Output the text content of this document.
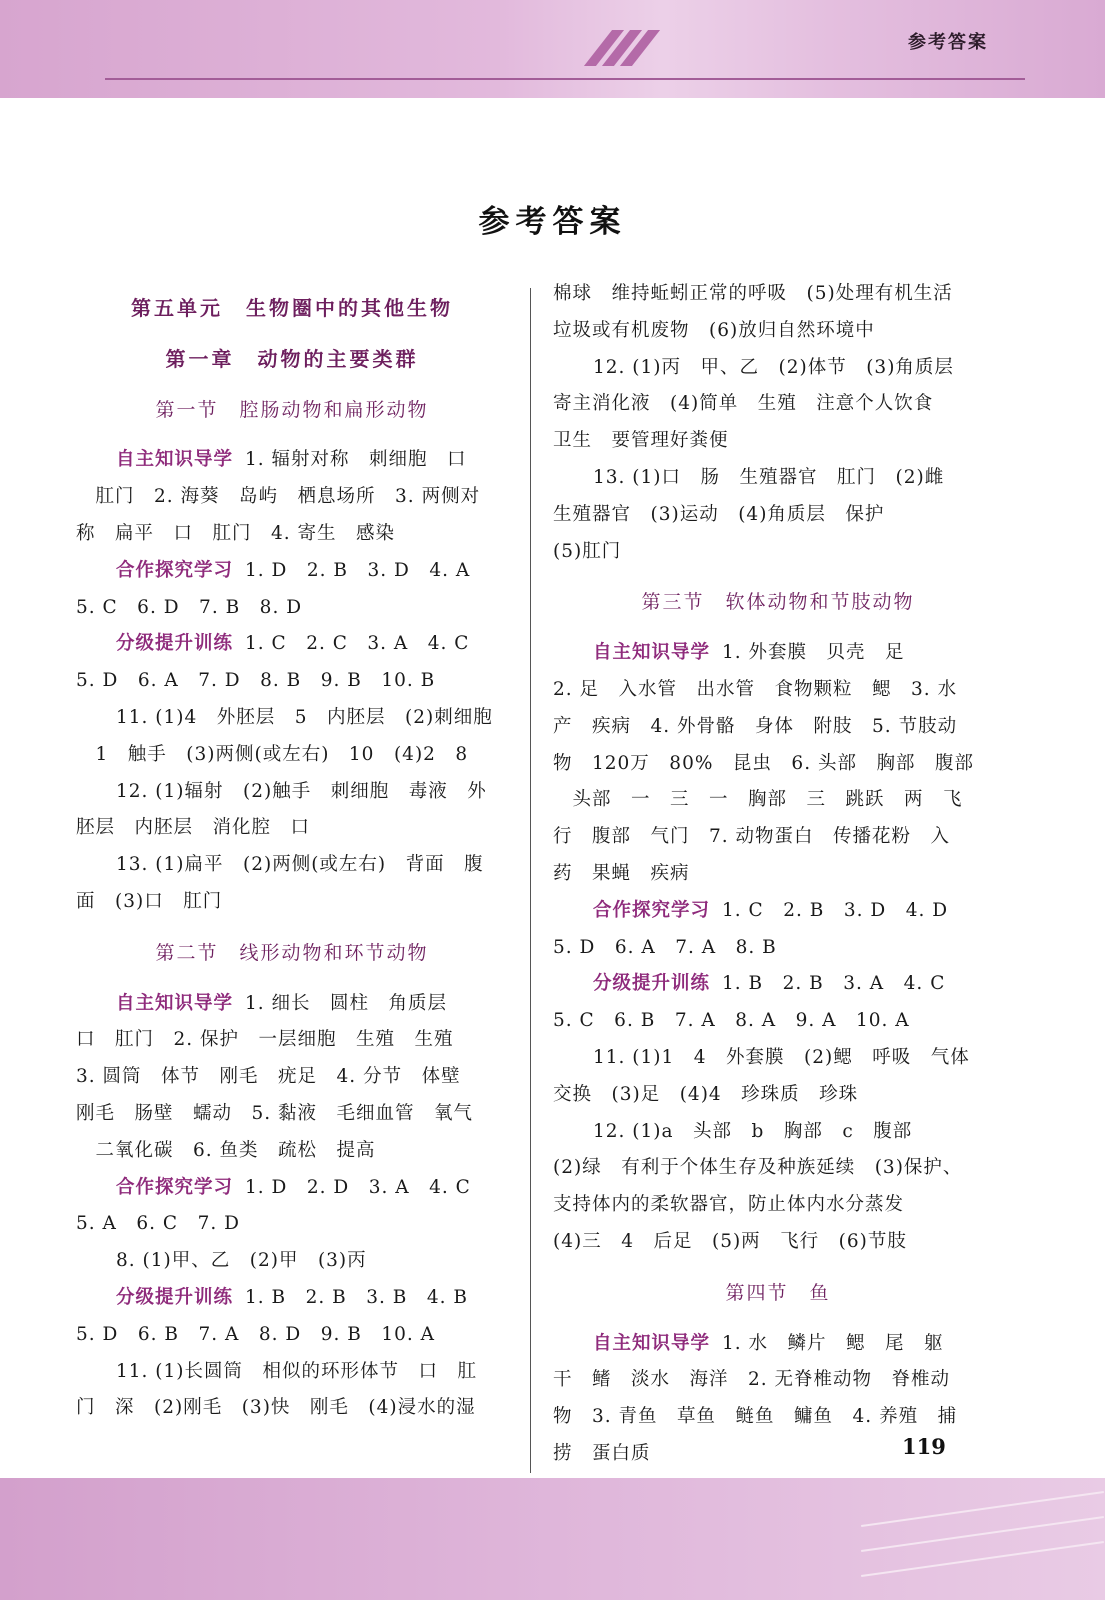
参考答案
参考答案
第五单元　生物圈中的其他生物
第一章　动物的主要类群
第一节　腔肠动物和扁形动物
自主知识导学 1. 辐射对称　刺细胞　口
　肛门　2. 海葵　岛屿　栖息场所　3. 两侧对
称　扁平　口　肛门　4. 寄生　感染
合作探究学习 1. D　2. B　3. D　4. A
5. C　6. D　7. B　8. D
分级提升训练 1. C　2. C　3. A　4. C
5. D　6. A　7. D　8. B　9. B　10. B
11. (1)4　外胚层　5　内胚层　(2)刺细胞
　1　触手　(3)两侧(或左右)　10　(4)2　8
12. (1)辐射　(2)触手　刺细胞　毒液　外
胚层　内胚层　消化腔　口
13. (1)扁平　(2)两侧(或左右)　背面　腹
面　(3)口　肛门
第二节　线形动物和环节动物
自主知识导学 1. 细长　圆柱　角质层
口　肛门　2. 保护　一层细胞　生殖　生殖
3. 圆筒　体节　刚毛　疣足　4. 分节　体壁
刚毛　肠壁　蠕动　5. 黏液　毛细血管　氧气
　二氧化碳　6. 鱼类　疏松　提高
合作探究学习 1. D　2. D　3. A　4. C
5. A　6. C　7. D
8. (1)甲、乙　(2)甲　(3)丙
分级提升训练 1. B　2. B　3. B　4. B
5. D　6. B　7. A　8. D　9. B　10. A
11. (1)长圆筒　相似的环形体节　口　肛
门　深　(2)刚毛　(3)快　刚毛　(4)浸水的湿
棉球　维持蚯蚓正常的呼吸　(5)处理有机生活
垃圾或有机废物　(6)放归自然环境中
12. (1)丙　甲、乙　(2)体节　(3)角质层
寄主消化液　(4)简单　生殖　注意个人饮食
卫生　要管理好粪便
13. (1)口　肠　生殖器官　肛门　(2)雌
生殖器官　(3)运动　(4)角质层　保护
(5)肛门
第三节　软体动物和节肢动物
自主知识导学 1. 外套膜　贝壳　足
2. 足　入水管　出水管　食物颗粒　鳃　3. 水
产　疾病　4. 外骨骼　身体　附肢　5. 节肢动
物　120万　80%　昆虫　6. 头部　胸部　腹部
　头部　一　三　一　胸部　三　跳跃　两　飞
行　腹部　气门　7. 动物蛋白　传播花粉　入
药　果蝇　疾病
合作探究学习 1. C　2. B　3. D　4. D
5. D　6. A　7. A　8. B
分级提升训练 1. B　2. B　3. A　4. C
5. C　6. B　7. A　8. A　9. A　10. A
11. (1)1　4　外套膜　(2)鳃　呼吸　气体
交换　(3)足　(4)4　珍珠质　珍珠
12. (1)a　头部　b　胸部　c　腹部
(2)绿　有利于个体生存及种族延续　(3)保护、
支持体内的柔软器官，防止体内水分蒸发
(4)三　4　后足　(5)两　飞行　(6)节肢
第四节　鱼
自主知识导学 1. 水　鳞片　鳃　尾　躯
干　鳍　淡水　海洋　2. 无脊椎动物　脊椎动
物　3. 青鱼　草鱼　鲢鱼　鳙鱼　4. 养殖　捕
捞　蛋白质	119
